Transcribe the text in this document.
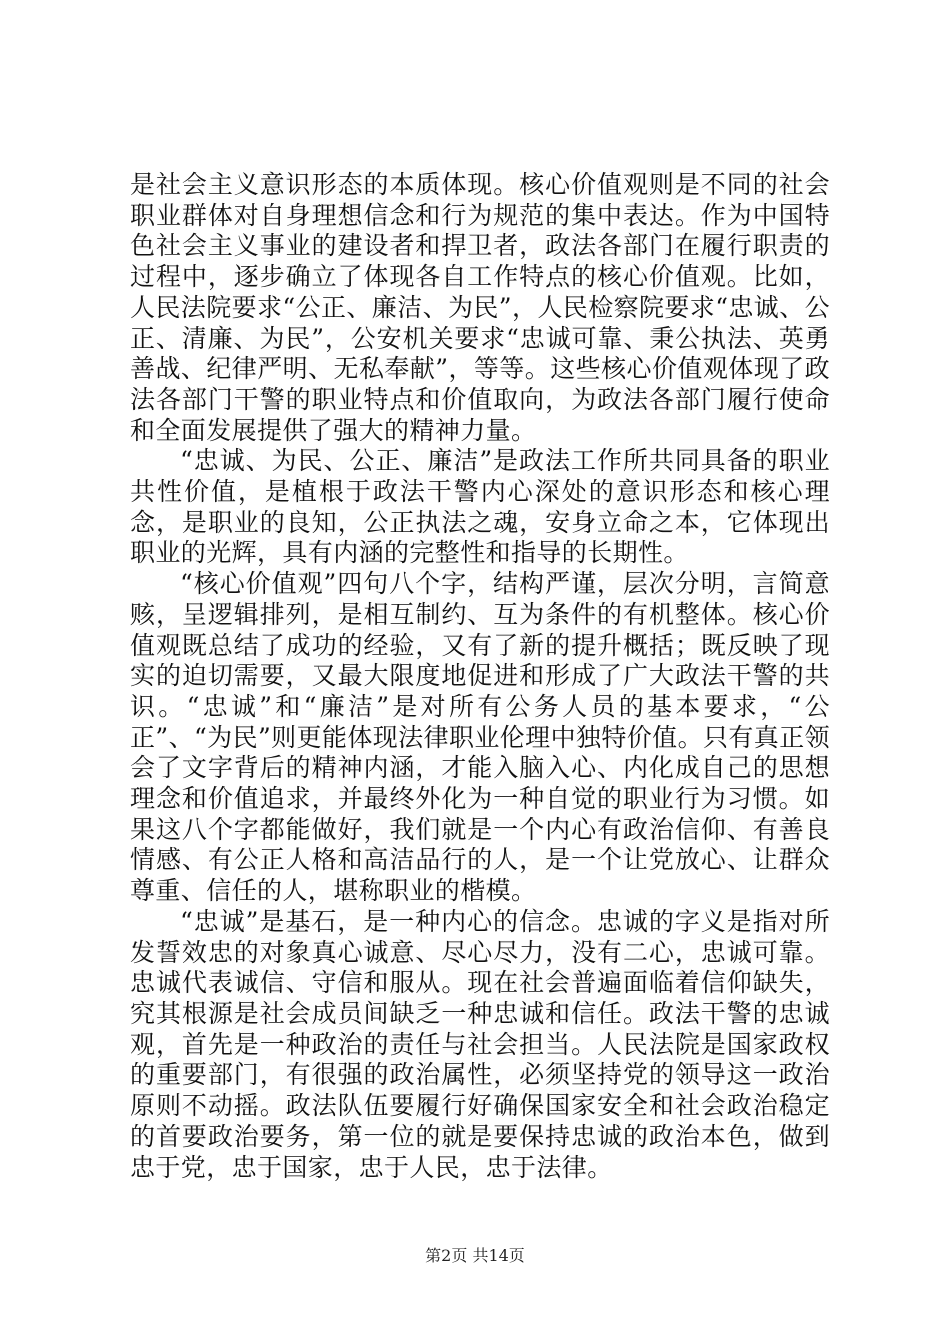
是社会主义意识形态的本质体现。核心价值观则是不同的社会职业群体对自身理想信念和行为规范的集中表达。作为中国特色社会主义事业的建设者和捍卫者，政法各部门在履行职责的过程中，逐步确立了体现各自工作特点的核心价值观。比如，人民法院要求“公正、廉洁、为民”，人民检察院要求“忠诚、公正、清廉、为民”，公安机关要求“忠诚可靠、秉公执法、英勇善战、纪律严明、无私奉献”，等等。这些核心价值观体现了政法各部门干警的职业特点和价值取向，为政法各部门履行使命和全面发展提供了强大的精神力量。

“忠诚、为民、公正、廉洁”是政法工作所共同具备的职业共性价值，是植根于政法干警内心深处的意识形态和核心理念，是职业的良知，公正执法之魂，安身立命之本，它体现出职业的光辉，具有内涵的完整性和指导的长期性。

“核心价值观”四句八个字，结构严谨，层次分明，言简意赅，呈逻辑排列，是相互制约、互为条件的有机整体。核心价值观既总结了成功的经验，又有了新的提升概括；既反映了现实的迫切需要，又最大限度地促进和形成了广大政法干警的共识。“忠诚”和“廉洁”是对所有公务人员的基本要求，“公正”、“为民”则更能体现法律职业伦理中独特价值。只有真正领会了文字背后的精神内涵，才能入脑入心、内化成自己的思想理念和价值追求，并最终外化为一种自觉的职业行为习惯。如果这八个字都能做好，我们就是一个内心有政治信仰、有善良情感、有公正人格和高洁品行的人，是一个让党放心、让群众尊重、信任的人，堪称职业的楷模。

“忠诚”是基石，是一种内心的信念。忠诚的字义是指对所发誓效忠的对象真心诚意、尽心尽力，没有二心，忠诚可靠。忠诚代表诚信、守信和服从。现在社会普遍面临着信仰缺失，究其根源是社会成员间缺乏一种忠诚和信任。政法干警的忠诚观，首先是一种政治的责任与社会担当。人民法院是国家政权的重要部门，有很强的政治属性，必须坚持党的领导这一政治原则不动摇。政法队伍要履行好确保国家安全和社会政治稳定的首要政治要务，第一位的就是要保持忠诚的政治本色，做到忠于党，忠于国家，忠于人民，忠于法律。

第2页 共14页
